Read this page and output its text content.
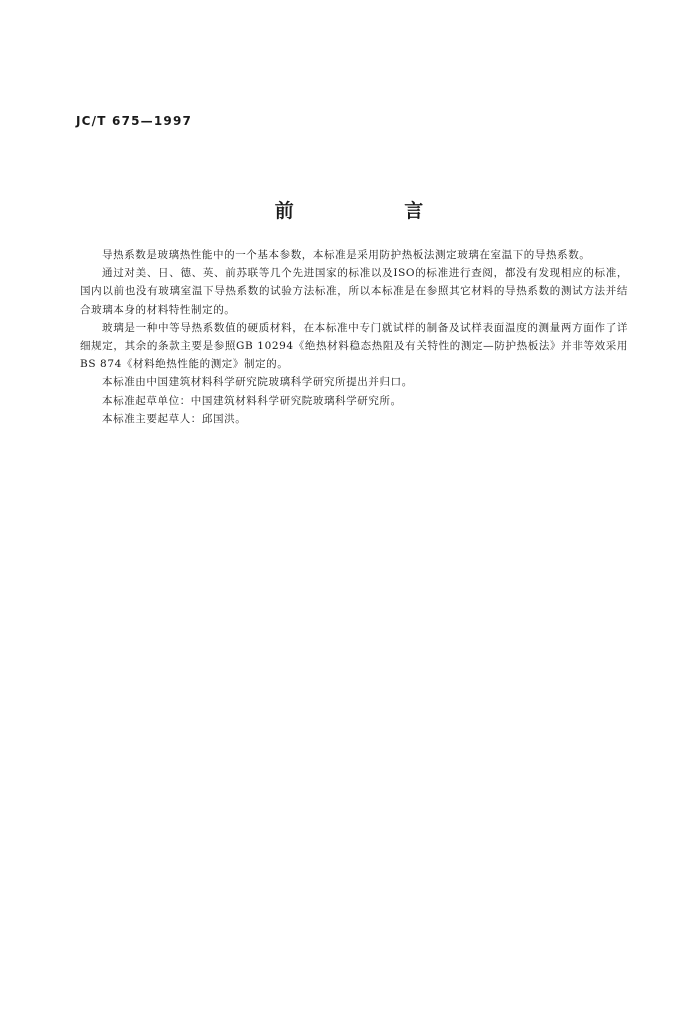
JC/T 675—1997
前 言

导热系数是玻璃热性能中的一个基本参数，本标准是采用防护热板法测定玻璃在室温下的导热系数。

通过对美、日、德、英、前苏联等几个先进国家的标准以及ISO的标准进行查阅，都没有发现相应的标准，国内以前也没有玻璃室温下导热系数的试验方法标准，所以本标准是在参照其它材料的导热系数的测试方法并结合玻璃本身的材料特性制定的。

玻璃是一种中等导热系数值的硬质材料，在本标准中专门就试样的制备及试样表面温度的测量两方面作了详细规定，其余的条款主要是参照GB 10294《绝热材料稳态热阻及有关特性的测定—防护热板法》并非等效采用BS 874《材料绝热性能的测定》制定的。

本标准由中国建筑材料科学研究院玻璃科学研究所提出并归口。

本标准起草单位：中国建筑材料科学研究院玻璃科学研究所。

本标准主要起草人：邱国洪。
